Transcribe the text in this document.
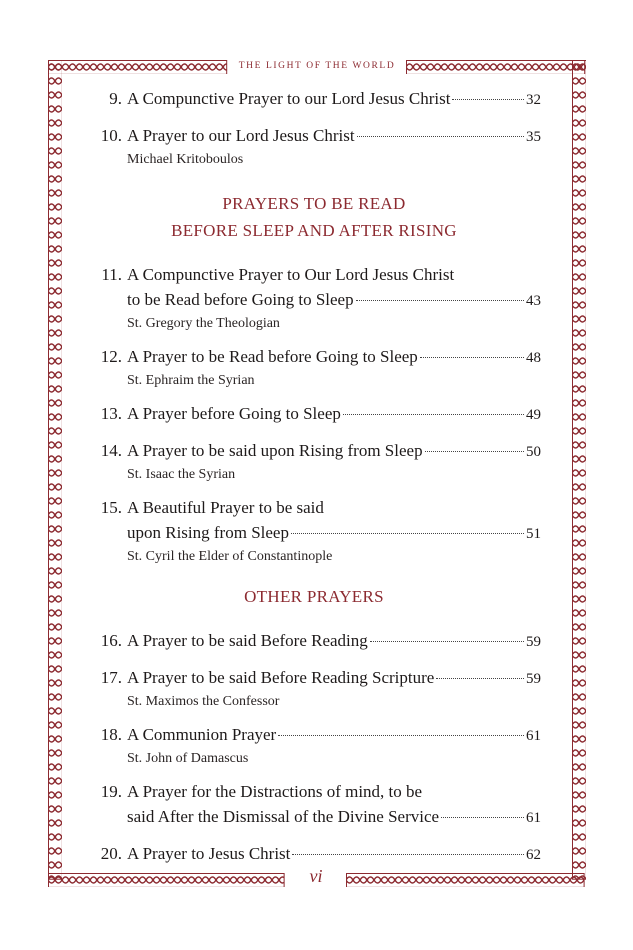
THE LIGHT OF THE WORLD
9. A Compunctive Prayer to our Lord Jesus Christ	32
10. A Prayer to our Lord Jesus Christ	35
Michael Kritoboulos
PRAYERS TO BE READ
BEFORE SLEEP AND AFTER RISING
11. A Compunctive Prayer to Our Lord Jesus Christ
to be Read before Going to Sleep	43
St. Gregory the Theologian
12. A Prayer to be Read before Going to Sleep	48
St. Ephraim the Syrian
13. A Prayer before Going to Sleep	49
14. A Prayer to be said upon Rising from Sleep	50
St. Isaac the Syrian
15. A Beautiful Prayer to be said
upon Rising from Sleep	51
St. Cyril the Elder of Constantinople
OTHER PRAYERS
16. A Prayer to be said Before Reading	59
17. A Prayer to be said Before Reading Scripture	59
St. Maximos the Confessor
18. A Communion Prayer	61
St. John of Damascus
19. A Prayer for the Distractions of mind, to be
said After the Dismissal of the Divine Service	61
20. A Prayer to Jesus Christ	62
vi
